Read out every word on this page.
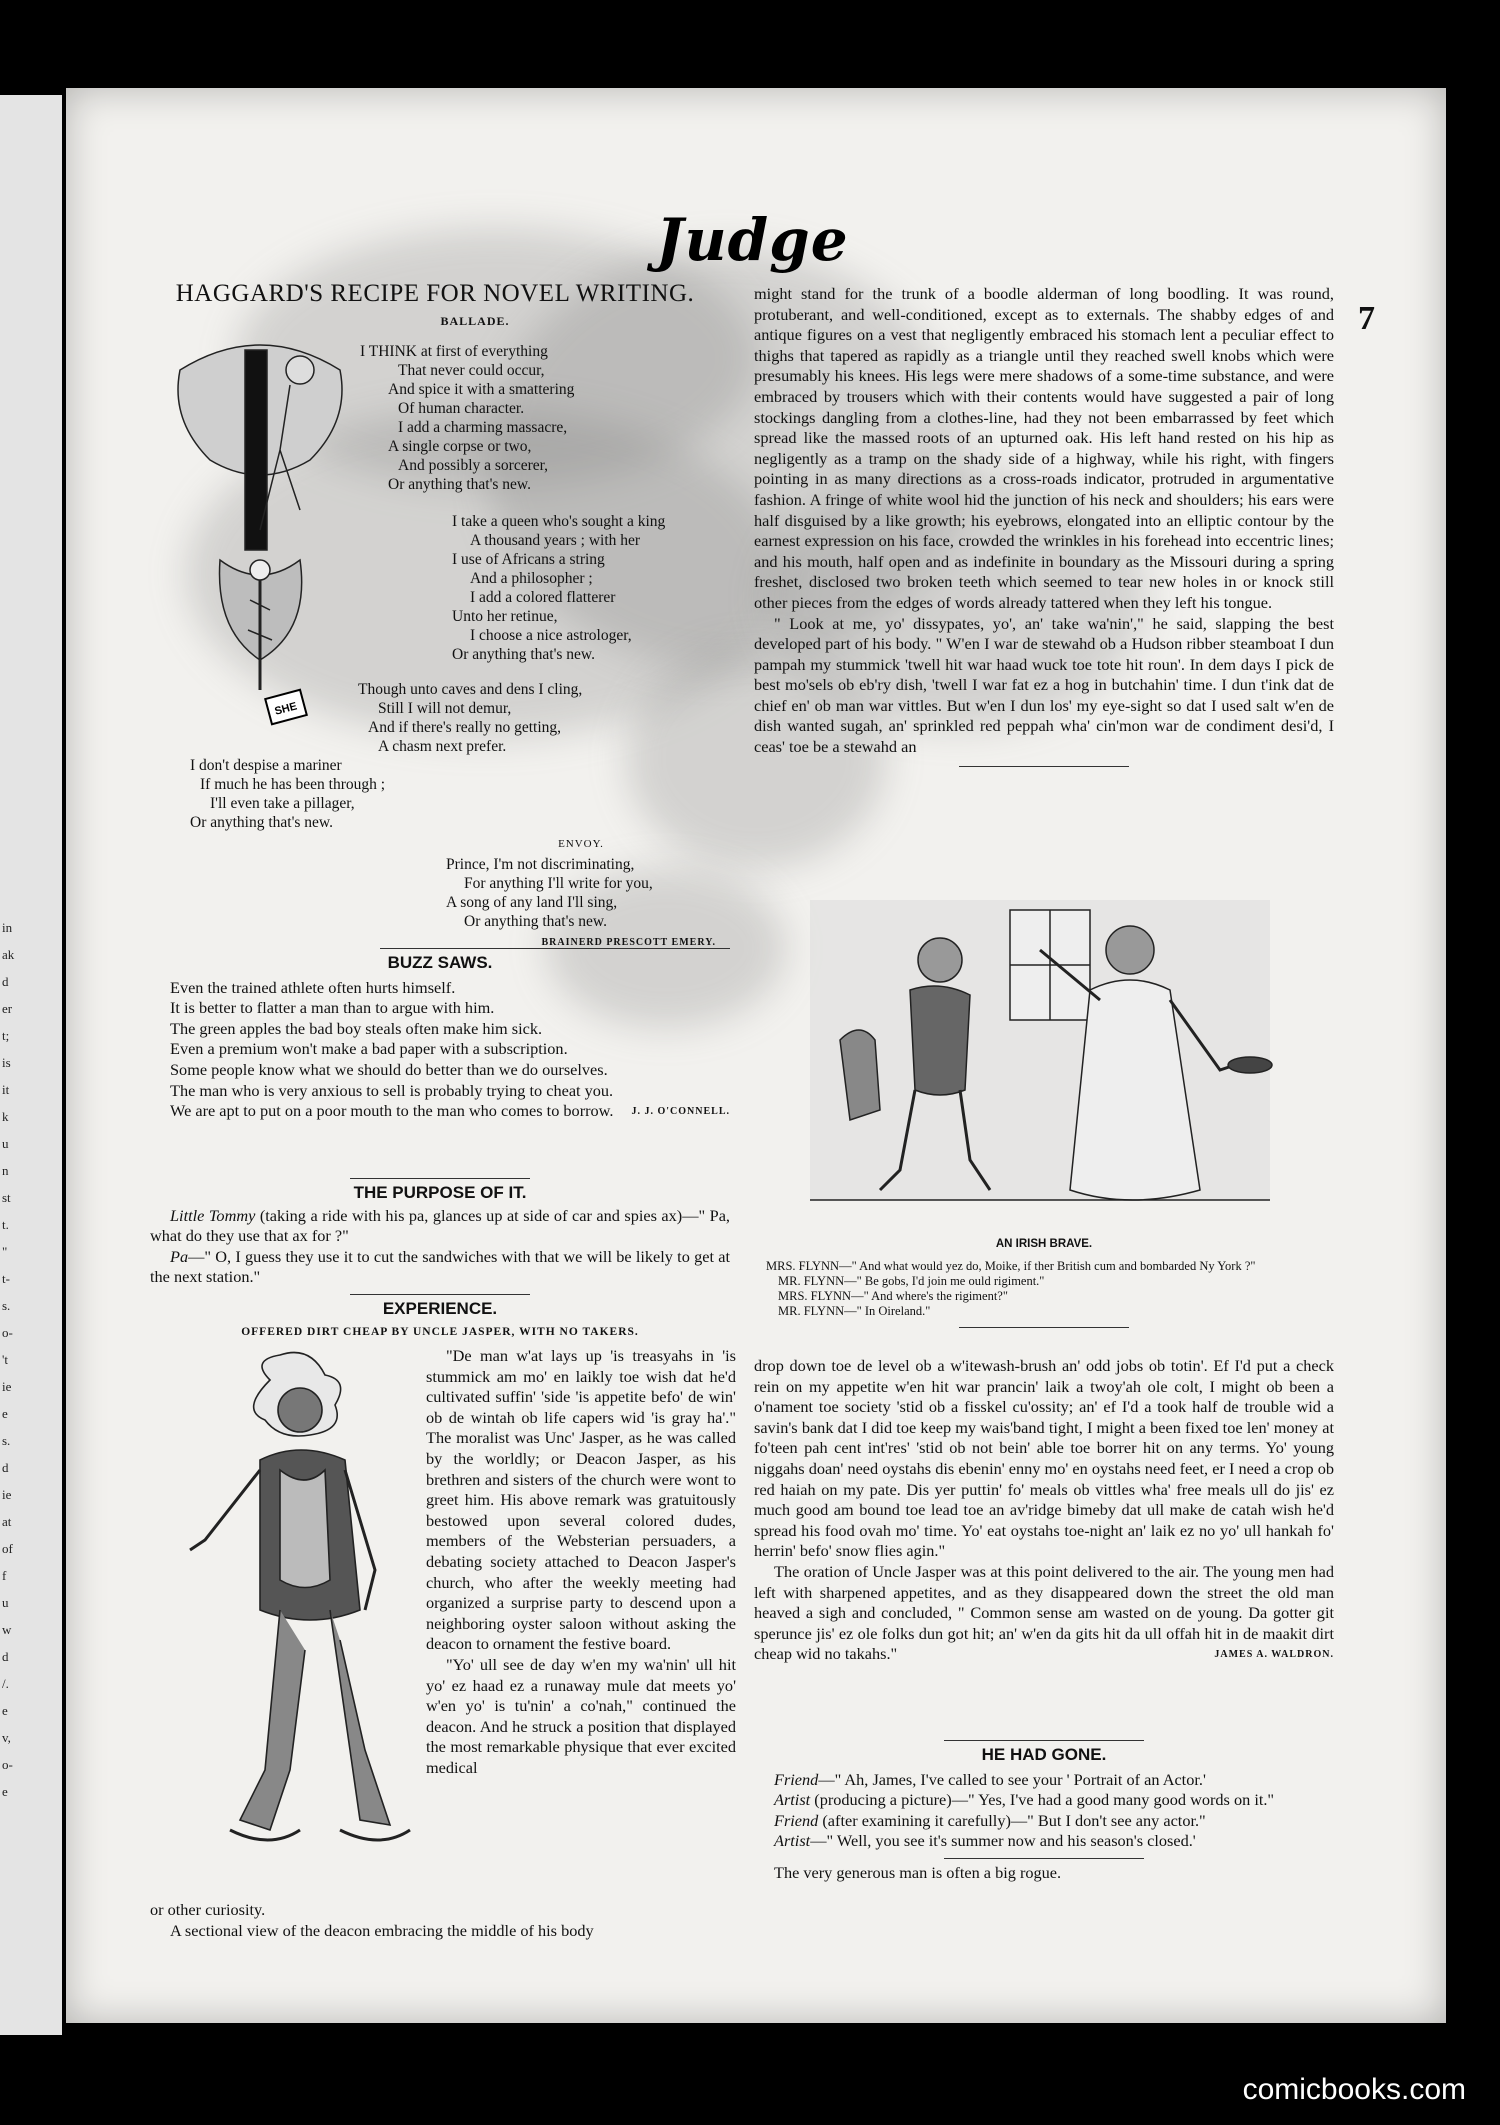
in
ak
d
er
t;
is
it
k
u
n
st
t.
"
t-
s.
o-
't
ie
e
s.
d
ie
at
of
f
u
w
d
/.
e
v,
o-
e
Judge
7
HAGGARD'S RECIPE FOR NOVEL WRITING.
BALLADE.
SHE
I THINK at first of everything
That never could occur,
And spice it with a smattering
Of human character.
I add a charming massacre,
A single corpse or two,
And possibly a sorcerer,
Or anything that's new.
I take a queen who's sought a king
A thousand years ; with her
I use of Africans a string
And a philosopher ;
I add a colored flatterer
Unto her retinue,
I choose a nice astrologer,
Or anything that's new.
Though unto caves and dens I cling,
Still I will not demur,
And if there's really no getting,
A chasm next prefer.
I don't despise a mariner
If much he has been through ;
I'll even take a pillager,
Or anything that's new.
ENVOY.
Prince, I'm not discriminating,
For anything I'll write for you,
A song of any land I'll sing,
Or anything that's new.
BRAINERD PRESCOTT EMERY.
BUZZ SAWS.

Even the trained athlete often hurts himself.

It is better to flatter a man than to argue with him.

The green apples the bad boy steals often make him sick.

Even a premium won't make a bad paper with a subscription.

Some people know what we should do better than we do ourselves.

The man who is very anxious to sell is probably trying to cheat you.

We are apt to put on a poor mouth to the man who comes to borrow.	J. J. O'CONNELL.
THE PURPOSE OF IT.

Little Tommy (taking a ride with his pa, glances up at side of car and spies ax)—" Pa, what do they use that ax for ?"

Pa—" O, I guess they use it to cut the sandwiches with that we will be likely to get at the next station."

EXPERIENCE.
OFFERED DIRT CHEAP BY UNCLE JASPER, WITH NO TAKERS.

"De man w'at lays up 'is treasyahs in 'is stummick am mo' en laikly toe wish dat he'd cultivated suffin' 'side 'is appetite befo' de win' ob de wintah ob life capers wid 'is gray ha'." The moralist was Unc' Jasper, as he was called by the worldly; or Deacon Jasper, as his brethren and sisters of the church were wont to greet him. His above remark was gratuitously bestowed upon several colored dudes, members of the Websterian persuaders, a debating society attached to Deacon Jasper's church, who after the weekly meeting had organized a surprise party to descend upon a neighboring oyster saloon without asking the deacon to ornament the festive board.

"Yo' ull see de day w'en my wa'nin' ull hit yo' ez haad ez a runaway mule dat meets yo' w'en yo' is tu'nin' a co'nah," continued the deacon. And he struck a position that displayed the most remarkable physique that ever excited medical

or other curiosity.

A sectional view of the deacon embracing the middle of his body

might stand for the trunk of a boodle alderman of long boodling. It was round, protuberant, and well-conditioned, except as to externals. The shabby edges of and antique figures on a vest that negligently embraced his stomach lent a peculiar effect to thighs that tapered as rapidly as a triangle until they reached swell knobs which were presumably his knees. His legs were mere shadows of a some-time substance, and were embraced by trousers which with their contents would have suggested a pair of long stockings dangling from a clothes-line, had they not been embarrassed by feet which spread like the massed roots of an upturned oak. His left hand rested on his hip as negligently as a tramp on the shady side of a highway, while his right, with fingers pointing in as many directions as a cross-roads indicator, protruded in argumentative fashion. A fringe of white wool hid the junction of his neck and shoulders; his ears were half disguised by a like growth; his eyebrows, elongated into an elliptic contour by the earnest expression on his face, crowded the wrinkles in his forehead into eccentric lines; and his mouth, half open and as indefinite in boundary as the Missouri during a spring freshet, disclosed two broken teeth which seemed to tear new holes in or knock still other pieces from the edges of words already tattered when they left his tongue.

" Look at me, yo' dissypates, yo', an' take wa'nin'," he said, slapping the best developed part of his body. " W'en I war de stewahd ob a Hudson ribber steamboat I dun pampah my stummick 'twell hit war haad wuck toe tote hit roun'. In dem days I pick de best mo'sels ob eb'ry dish, 'twell I war fat ez a hog in butchahin' time. I dun t'ink dat de chief en' ob man war vittles. But w'en I dun los' my eye-sight so dat I used salt w'en de dish wanted sugah, an' sprinkled red peppah wha' cin'mon war de condiment desi'd, I ceas' toe be a stewahd an

AN IRISH BRAVE.
MRS. FLYNN—" And what would yez do, Moike, if ther British cum and bombarded Ny York ?"
MR. FLYNN—" Be gobs, I'd join me ould rigiment."
MRS. FLYNN—" And where's the rigiment?"
MR. FLYNN—" In Oireland."

drop down toe de level ob a w'itewash-brush an' odd jobs ob totin'. Ef I'd put a check rein on my appetite w'en hit war prancin' laik a twoy'ah ole colt, I might ob been a o'nament toe society 'stid ob a fisskel cu'ossity; an' ef I'd a took half de trouble wid a savin's bank dat I did toe keep my wais'band tight, I might a been fixed toe len' money at fo'teen pah cent int'res' 'stid ob not bein' able toe borrer hit on any terms. Yo' young niggahs doan' need oystahs dis ebenin' enny mo' en oystahs need feet, er I need a crop ob red haiah on my pate. Dis yer puttin' fo' meals ob vittles wha' free meals ull do jis' ez much good am bound toe lead toe an av'ridge bimeby dat ull make de catah wish he'd spread his food ovah mo' time. Yo' eat oystahs toe-night an' laik ez no yo' ull hankah fo' herrin' befo' snow flies agin."

The oration of Uncle Jasper was at this point delivered to the air. The young men had left with sharpened appetites, and as they disappeared down the street the old man heaved a sigh and concluded, " Common sense am wasted on de young. Da gotter git sperunce jis' ez ole folks dun got hit; an' w'en da gits hit da ull offah hit in de maakit dirt cheap wid no takahs."	JAMES A. WALDRON.
HE HAD GONE.

Friend—" Ah, James, I've called to see your ' Portrait of an Actor.'

Artist (producing a picture)—" Yes, I've had a good many good words on it."

Friend (after examining it carefully)—" But I don't see any actor."

Artist—" Well, you see it's summer now and his season's closed.'

The very generous man is often a big rogue.

comicbooks.com
